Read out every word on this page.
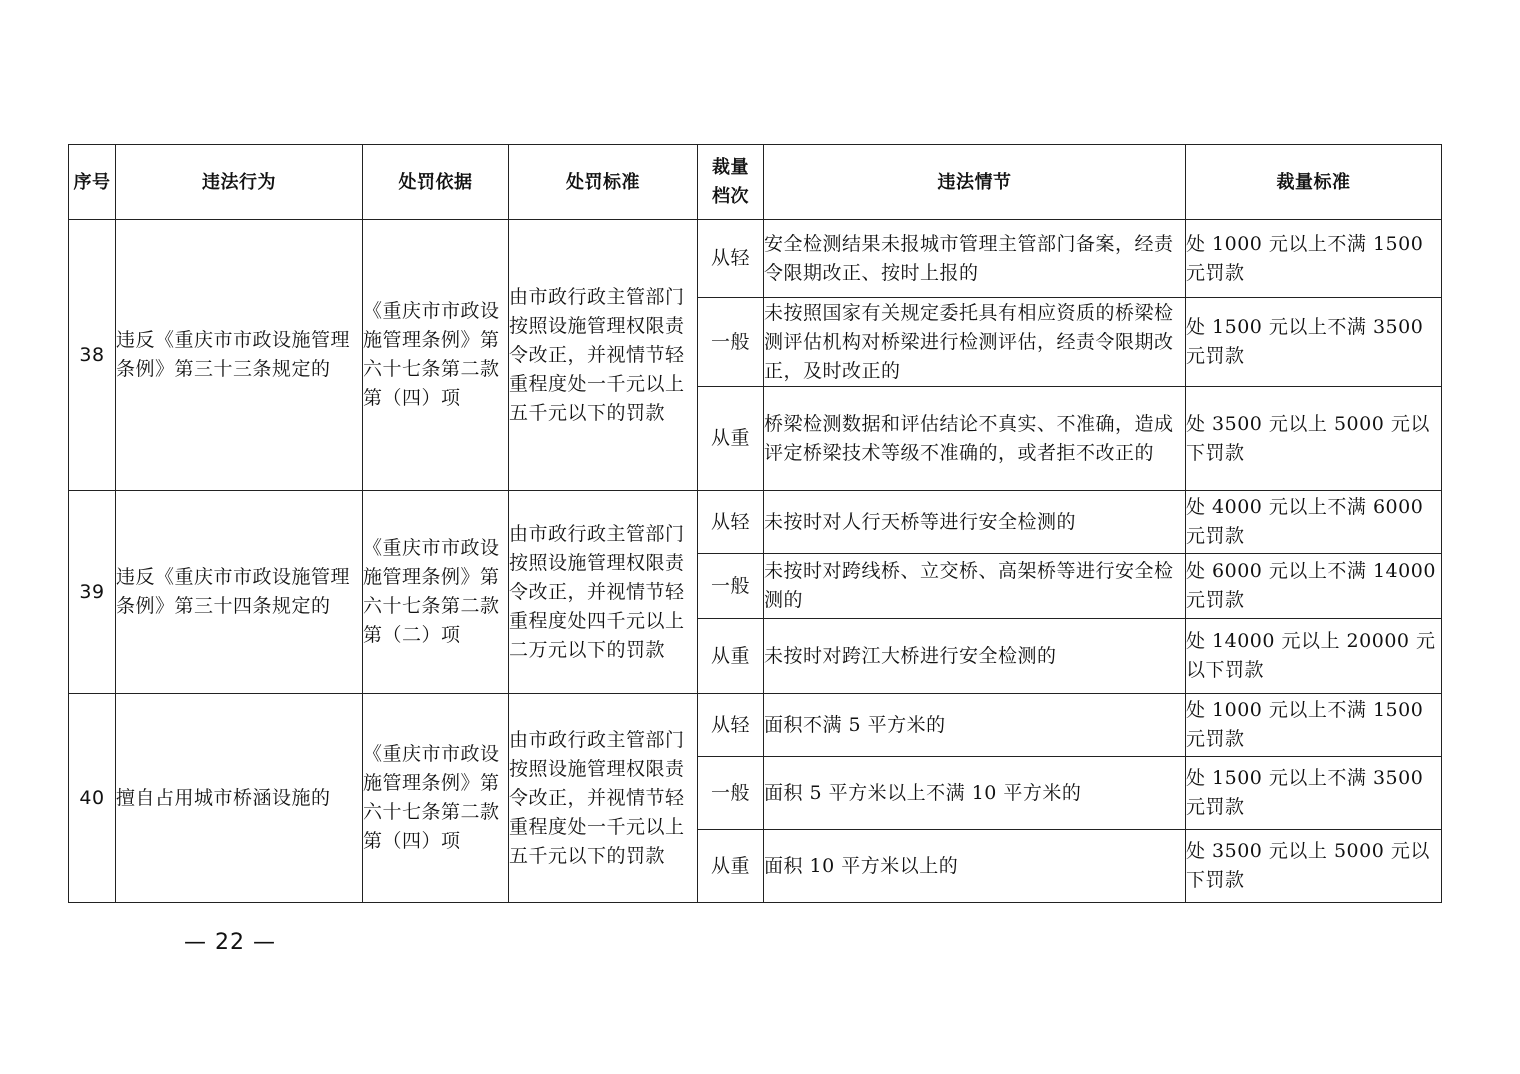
序号	违法行为	处罚依据	处罚标准	裁量档次	违法情节	裁量标准
38	违反《重庆市市政设施管理条例》第三十三条规定的	《重庆市市政设施管理条例》第六十七条第二款第（四）项	由市政行政主管部门按照设施管理权限责令改正，并视情节轻重程度处一千元以上五千元以下的罚款	从轻	安全检测结果未报城市管理主管部门备案，经责令限期改正、按时上报的	处 1000 元以上不满 1500 元罚款
				一般	未按照国家有关规定委托具有相应资质的桥梁检测评估机构对桥梁进行检测评估，经责令限期改正，及时改正的	处 1500 元以上不满 3500 元罚款
				从重	桥梁检测数据和评估结论不真实、不准确，造成评定桥梁技术等级不准确的，或者拒不改正的	处 3500 元以上 5000 元以下罚款
39	违反《重庆市市政设施管理条例》第三十四条规定的	《重庆市市政设施管理条例》第六十七条第二款第（二）项	由市政行政主管部门按照设施管理权限责令改正，并视情节轻重程度处四千元以上二万元以下的罚款	从轻	未按时对人行天桥等进行安全检测的	处 4000 元以上不满 6000 元罚款
				一般	未按时对跨线桥、立交桥、高架桥等进行安全检测的	处 6000 元以上不满 14000 元罚款
				从重	未按时对跨江大桥进行安全检测的	处 14000 元以上 20000 元以下罚款
40	擅自占用城市桥涵设施的	《重庆市市政设施管理条例》第六十七条第二款第（四）项	由市政行政主管部门按照设施管理权限责令改正，并视情节轻重程度处一千元以上五千元以下的罚款	从轻	面积不满 5 平方米的	处 1000 元以上不满 1500 元罚款
				一般	面积 5 平方米以上不满 10 平方米的	处 1500 元以上不满 3500 元罚款
				从重	面积 10 平方米以上的	处 3500 元以上 5000 元以下罚款
— 22 —
